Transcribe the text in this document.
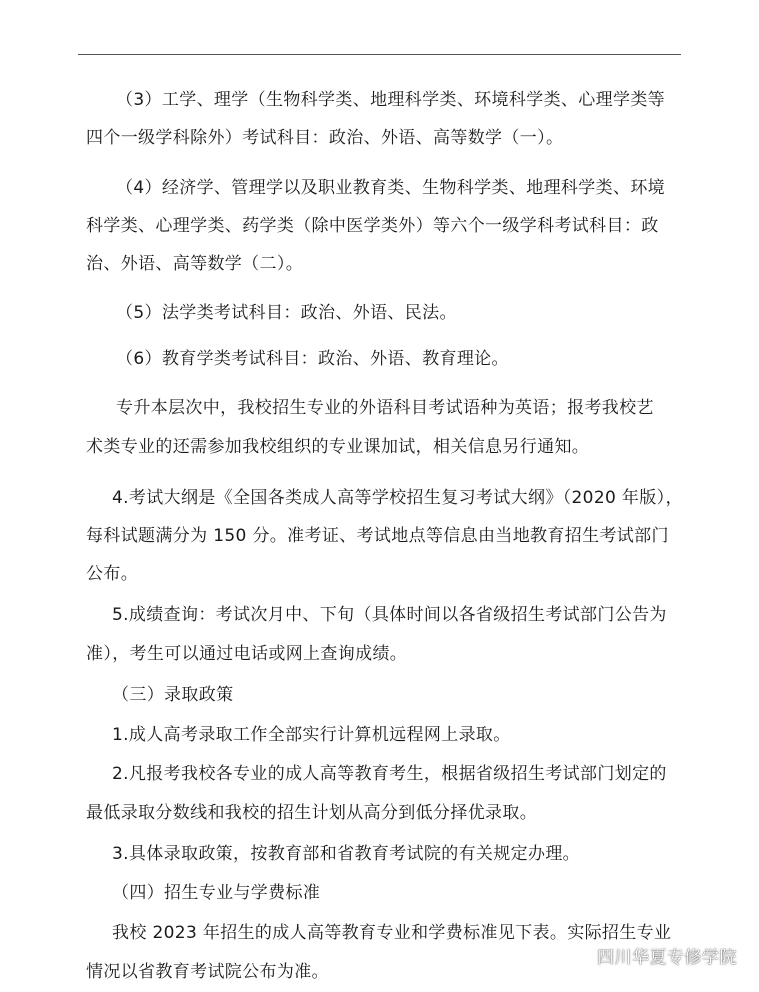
（3）工学、理学（生物科学类、地理科学类、环境科学类、心理学类等
四个一级学科除外）考试科目：政治、外语、高等数学（一）。
（4）经济学、管理学以及职业教育类、生物科学类、地理科学类、环境
科学类、心理学类、药学类（除中医学类外）等六个一级学科考试科目：政
治、外语、高等数学（二）。
（5）法学类考试科目：政治、外语、民法。
（6）教育学类考试科目：政治、外语、教育理论。
专升本层次中，我校招生专业的外语科目考试语种为英语；报考我校艺
术类专业的还需参加我校组织的专业课加试，相关信息另行通知。
4.考试大纲是《全国各类成人高等学校招生复习考试大纲》（2020 年版），
每科试题满分为 150 分。准考证、考试地点等信息由当地教育招生考试部门
公布。
5.成绩查询：考试次月中、下旬（具体时间以各省级招生考试部门公告为
准），考生可以通过电话或网上查询成绩。
（三）录取政策
1.成人高考录取工作全部实行计算机远程网上录取。
2.凡报考我校各专业的成人高等教育考生，根据省级招生考试部门划定的
最低录取分数线和我校的招生计划从高分到低分择优录取。
3.具体录取政策，按教育部和省教育考试院的有关规定办理。
（四）招生专业与学费标准
我校 2023 年招生的成人高等教育专业和学费标准见下表。实际招生专业
情况以省教育考试院公布为准。
四川华夏专修学院
